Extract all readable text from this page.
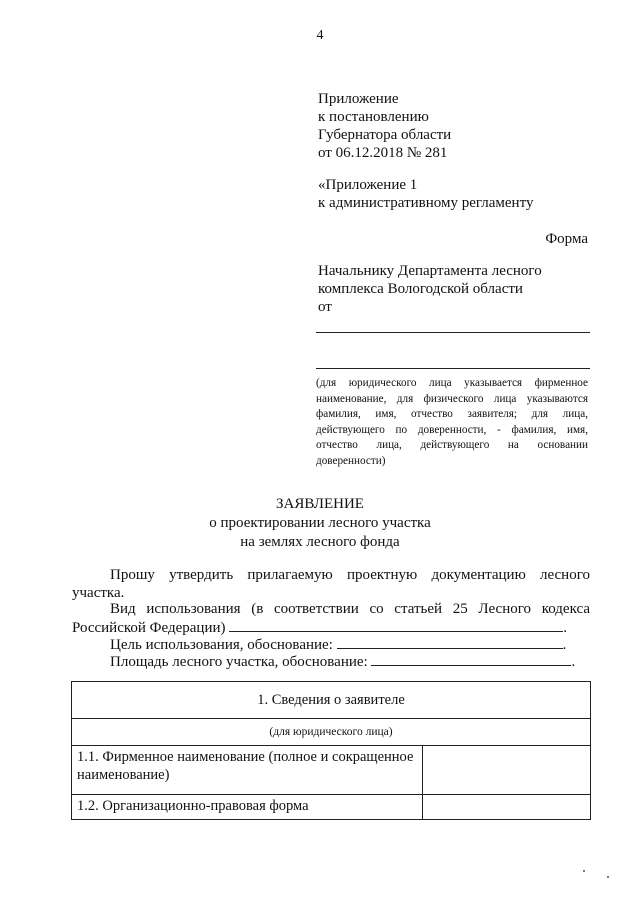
4
Приложение
к постановлению
Губернатора области
от 06.12.2018 № 281
«Приложение 1
к административному регламенту
Форма
Начальнику Департамента лесного
комплекса Вологодской области
от
(для юридического лица указывается фирменное наименование, для физического лица указываются фамилия, имя, отчество заявителя; для лица, действующего по доверенности, - фамилия, имя, отчество лица, действующего на основании доверенности)
ЗАЯВЛЕНИЕ
о проектировании лесного участка
на землях лесного фонда
Прошу утвердить прилагаемую проектную документацию лесного
участка.
Вид использования (в соответствии со статьей 25 Лесного кодекса
Российской Федерации)	.
Цель использования, обоснование:	.
Площадь лесного участка, обоснование:	.
1. Сведения о заявителе	
(для юридического лица)	
1.1. Фирменное наименование (полное и сокращенное наименование)	
1.2. Организационно-правовая форма	
